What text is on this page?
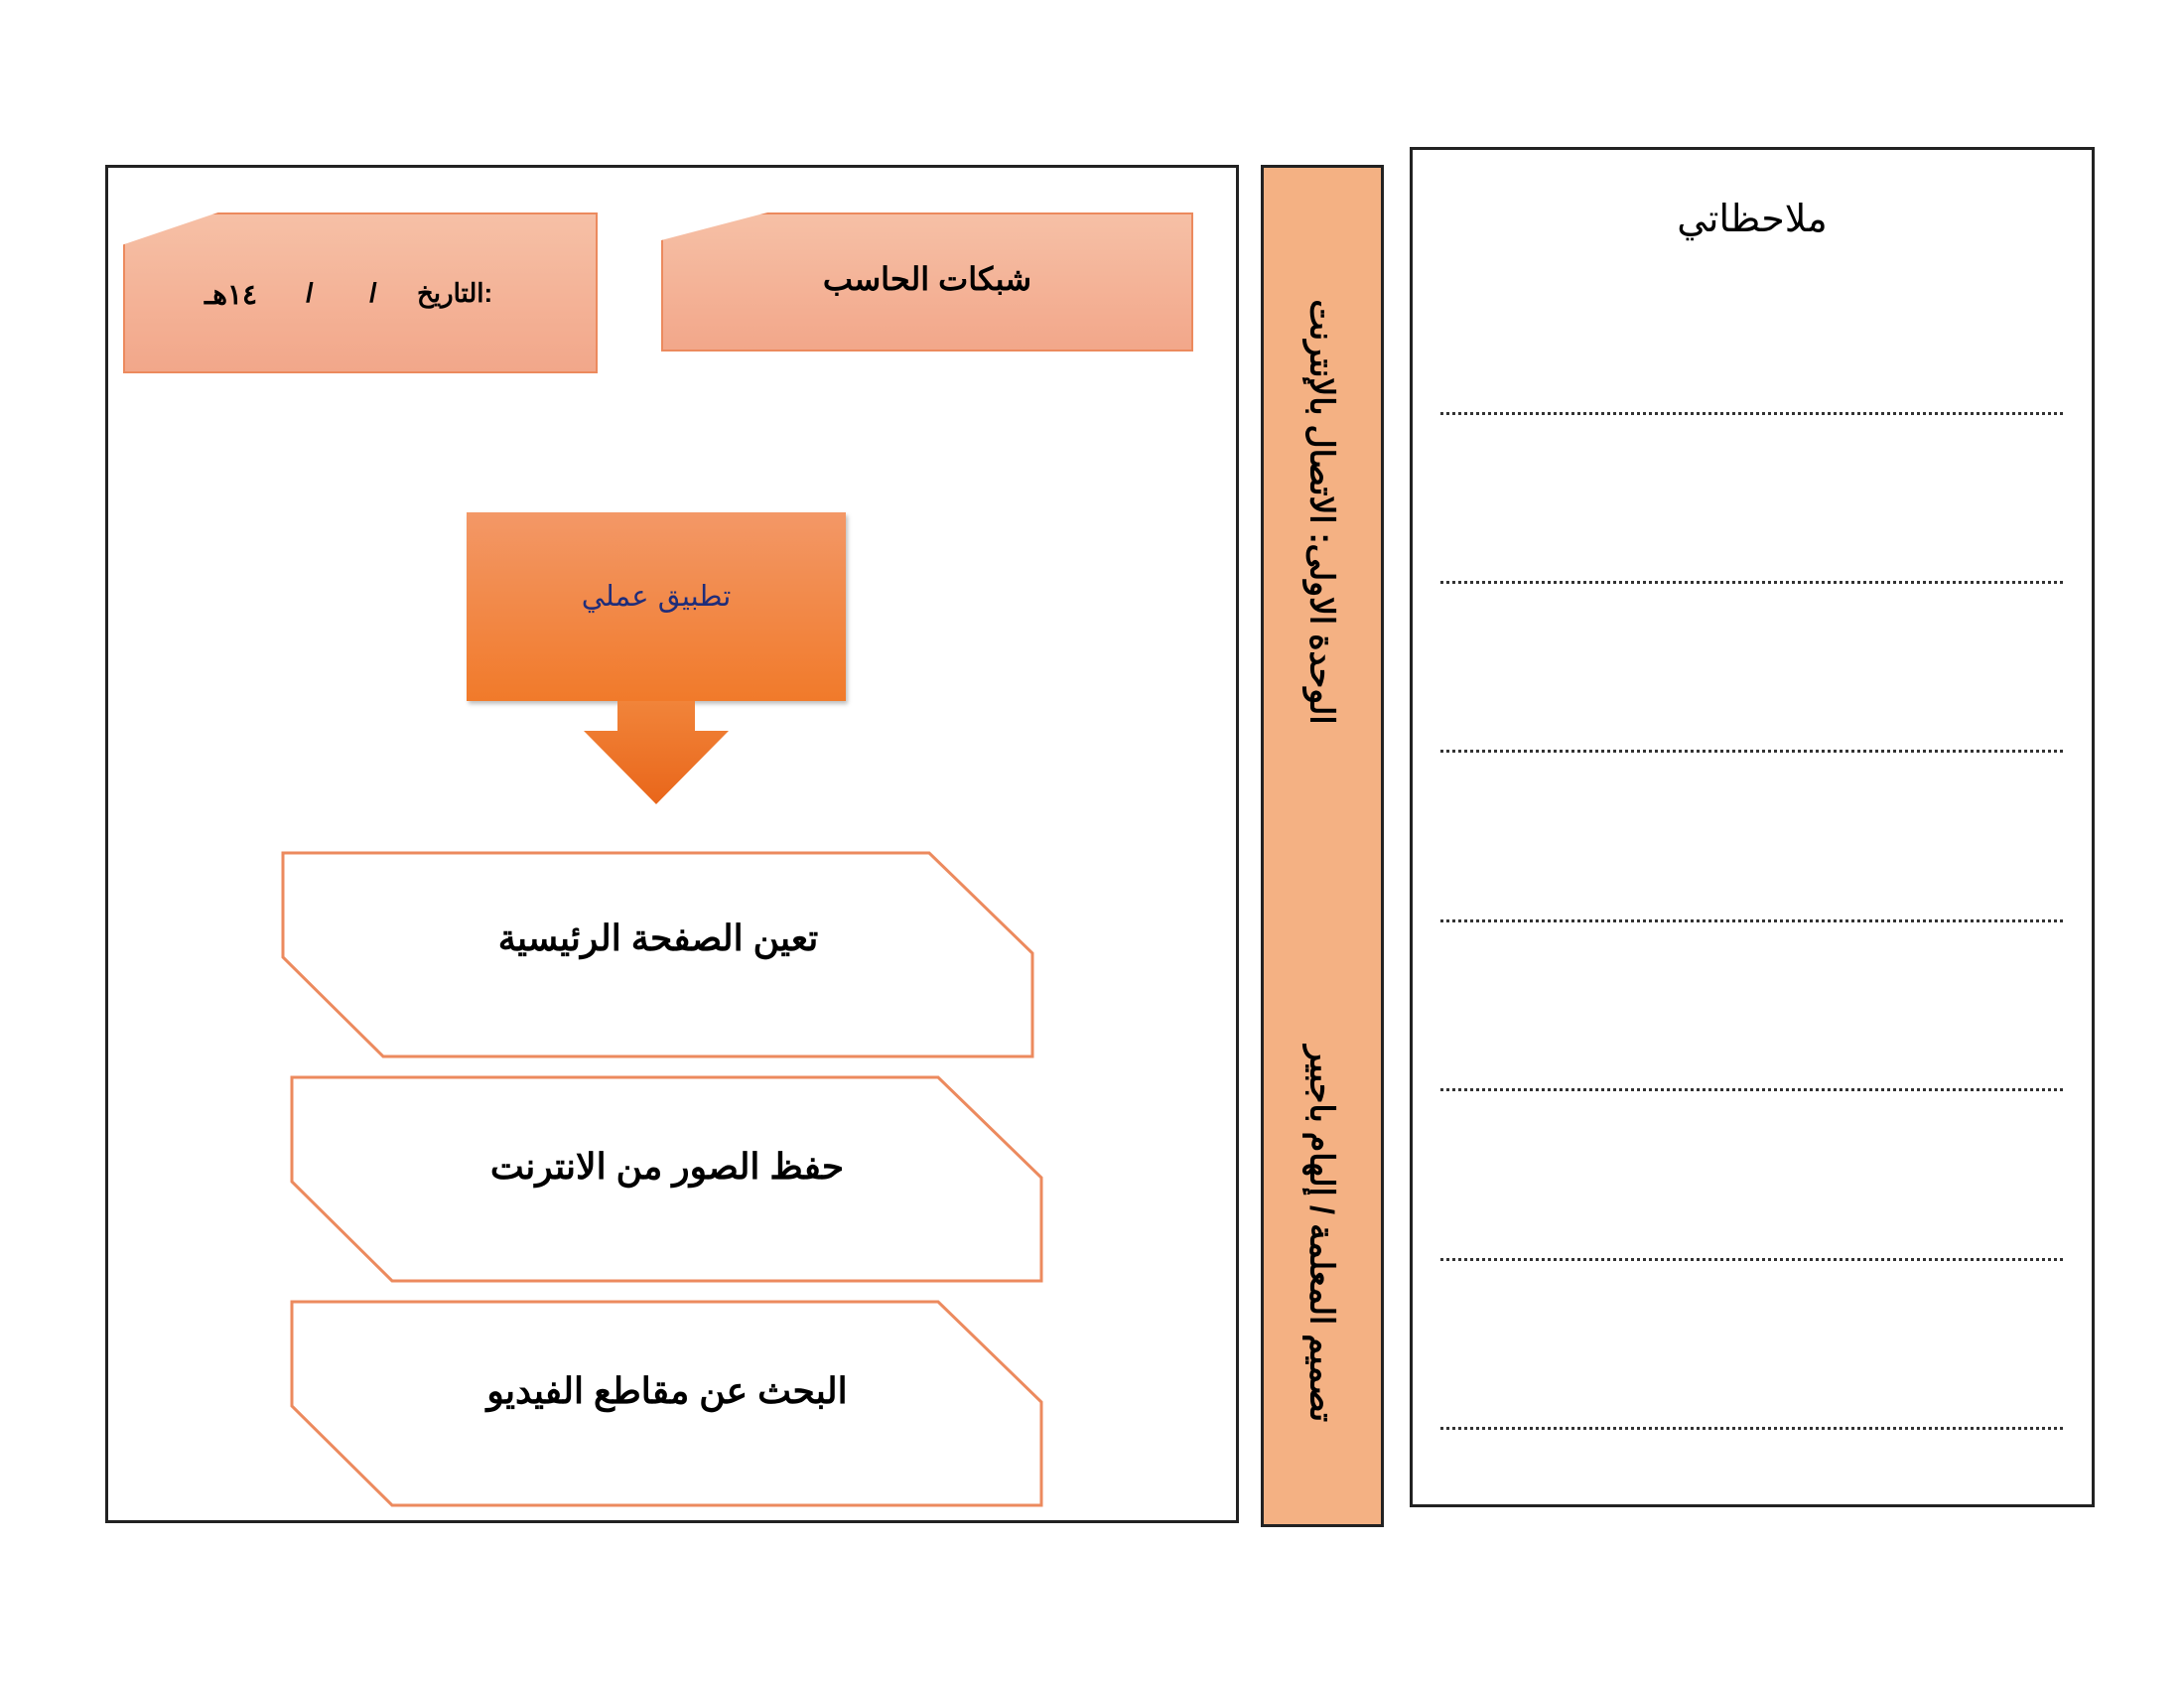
شبكات الحاسب
التاريخ:
/
/
١٤هـ
تطبيق عملي
تعين الصفحة الرئيسية
حفظ الصور من الانترنت
البحث عن مقاطع الفيديو
الوحدة الاولى: الاتصال بالإنترنت
تصميم المعلمة / إلهام باجبير
ملاحظاتي
